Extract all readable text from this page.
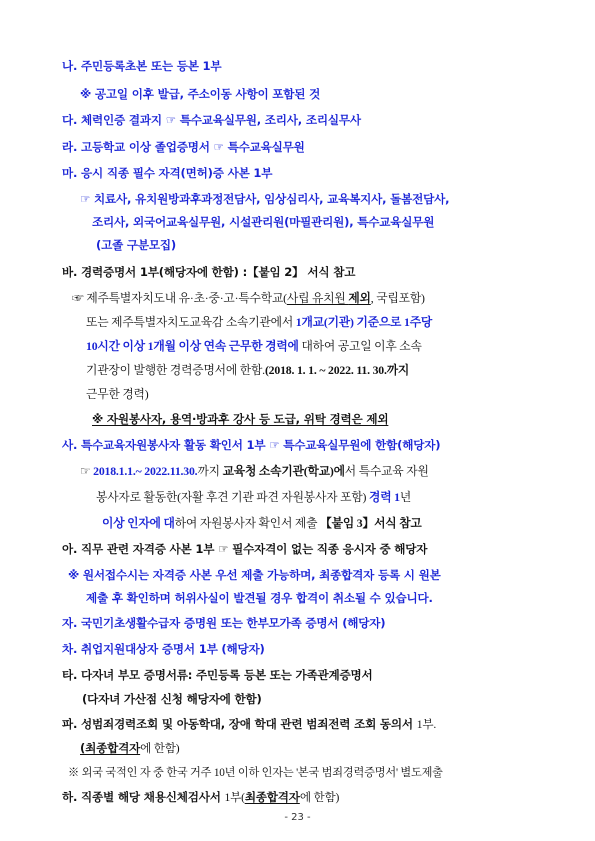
나. 주민등록초본 또는 등본 1부
※ 공고일 이후 발급, 주소이동 사항이 포함된 것
다. 체력인증 결과지 ☞ 특수교육실무원, 조리사, 조리실무사
라. 고등학교 이상 졸업증명서 ☞ 특수교육실무원
마. 응시 직종 필수 자격(면허)증 사본 1부
☞ 치료사, 유치원방과후과정전담사, 임상심리사, 교육복지사, 돌봄전담사,
조리사, 외국어교육실무원, 시설관리원(마필관리원), 특수교육실무원
(고졸 구분모집)
바. 경력증명서 1부(해당자에 한함) :【붙임 2】 서식 참고
☞ 제주특별자치도내 유·초·중·고·특수학교(사립 유치원 제외, 국립포함)
또는 제주특별자치도교육감 소속기관에서 1개교(기관) 기준으로 1주당
10시간 이상 1개월 이상 연속 근무한 경력에 대하여 공고일 이후 소속
기관장이 발행한 경력증명서에 한함.(2018. 1. 1. ~ 2022. 11. 30.까지
근무한 경력)
※ 자원봉사자, 용역·방과후 강사 등 도급, 위탁 경력은 제외
사. 특수교육자원봉사자 활동 확인서 1부 ☞ 특수교육실무원에 한함(해당자)
☞ 2018.1.1.~ 2022.11.30.까지 교육청 소속기관(학교)에서 특수교육 자원
봉사자로 활동한(자활 후견 기관 파견 자원봉사자 포함) 경력 1년
이상 인자에 대하여 자원봉사자 확인서 제출 【붙임 3】서식 참고
아. 직무 관련 자격증 사본 1부 ☞ 필수자격이 없는 직종 응시자 중 해당자
※ 원서접수시는 자격증 사본 우선 제출 가능하며, 최종합격자 등록 시 원본
제출 후 확인하며 허위사실이 발견될 경우 합격이 취소될 수 있습니다.
자. 국민기초생활수급자 증명원 또는 한부모가족 증명서 (해당자)
차. 취업지원대상자 증명서 1부 (해당자)
타. 다자녀 부모 증명서류: 주민등록 등본 또는 가족관계증명서
(다자녀 가산점 신청 해당자에 한함)
파. 성범죄경력조회 및 아동학대, 장애 학대 관련 범죄전력 조회 동의서 1부.
(최종합격자에 한함)
※ 외국 국적인 자 중 한국 거주 10년 이하 인자는 '본국 범죄경력증명서' 별도제출
하. 직종별 해당 채용신체검사서 1부(최종합격자에 한함)
- 23 -
